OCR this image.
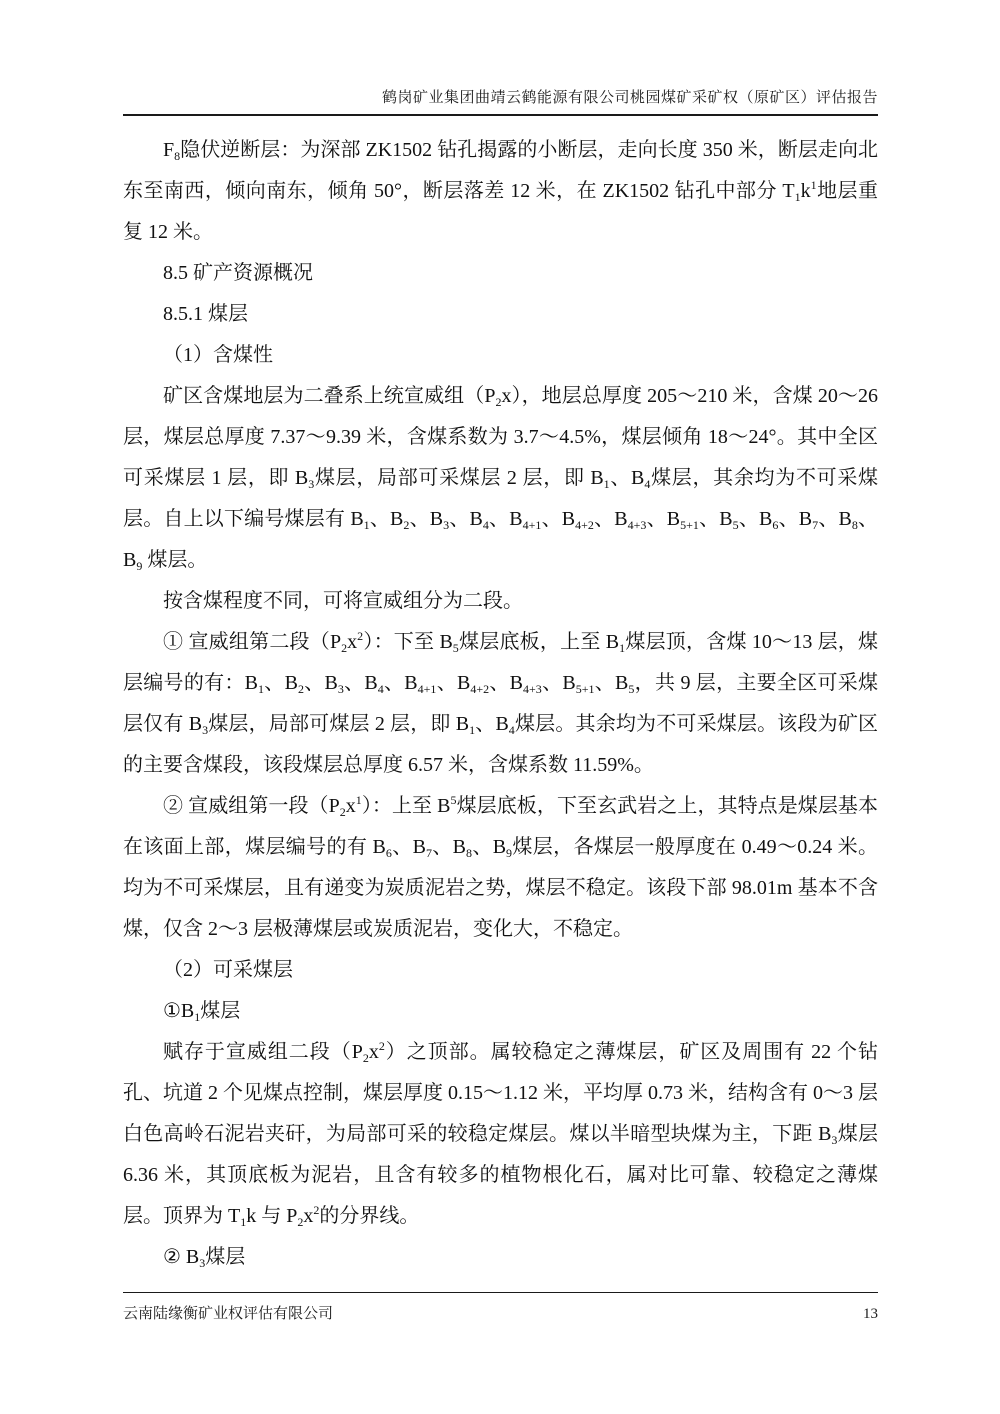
鹤岗矿业集团曲靖云鹤能源有限公司桃园煤矿采矿权（原矿区）评估报告

$F_8$隐伏逆断层：为深部 ZK1502 钻孔揭露的小断层，走向长度 350 米，断层走向北东至南西，倾向南东，倾角 50°，断层落差 12 米，在 ZK1502 钻孔中部分 $T_1k^1$地层重复 12 米。

8.5 矿产资源概况

8.5.1 煤层

（1）含煤性

矿区含煤地层为二叠系上统宣威组$(P_2x)$，地层总厚度 205～210 米，含煤 20～26 层，煤层总厚度 7.37～9.39 米，含煤系数为 3.7～4.5%，煤层倾角 18～24°。其中全区可采煤层 1 层，即 $B_3$煤层，局部可采煤层 2 层，即 $B_1$、$B_4$煤层，其余均为不可采煤层。自上以下编号煤层有 $B_1$、$B_2$、$B_3$、$B_4$、$B_{4+1}$、$B_{4+2}$、$B_{4+3}$、$B_{5+1}$、$B_5$、$B_6$、$B_7$、$B_8$、$B_9$ 煤层。

按含煤程度不同，可将宣威组分为二段。

① 宣威组第二段$(P_2x^2)$：下至 $B_5$煤层底板，上至 $B_1$煤层顶，含煤 10～13 层，煤层编号的有：$B_1$、$B_2$、$B_3$、$B_4$、$B_{4+1}$、$B_{4+2}$、$B_{4+3}$、$B_{5+1}$、$B_5$，共 9 层，主要全区可采煤层仅有 $B_3$煤层，局部可煤层 2 层，即 $B_1$、$B_4$煤层。其余均为不可采煤层。该段为矿区的主要含煤段，该段煤层总厚度 6.57 米，含煤系数 11.59%。

② 宣威组第一段$(P_2x^1)$：上至 $B^5$煤层底板，下至玄武岩之上，其特点是煤层基本在该面上部，煤层编号的有 $B_6$、$B_7$、$B_8$、$B_9$煤层，各煤层一般厚度在 0.49～0.24 米。均为不可采煤层，且有递变为炭质泥岩之势，煤层不稳定。该段下部 98.01m 基本不含煤，仅含 2～3 层极薄煤层或炭质泥岩，变化大，不稳定。

（2）可采煤层

$①B_1$煤层

赋存于宣威组二段$(P_2x^2)$之顶部。属较稳定之薄煤层，矿区及周围有 22 个钻孔、坑道 2 个见煤点控制，煤层厚度 0.15～1.12 米，平均厚 0.73 米，结构含有 0～3 层白色高岭石泥岩夹矸，为局部可采的较稳定煤层。煤以半暗型块煤为主，下距 $B_3$煤层 6.36 米，其顶底板为泥岩，且含有较多的植物根化石，属对比可靠、较稳定之薄煤层。顶界为 $T_1k$ 与 $P_2x^2$的分界线。

② $B_3$煤层

云南陆缘衡矿业权评估有限公司	13
